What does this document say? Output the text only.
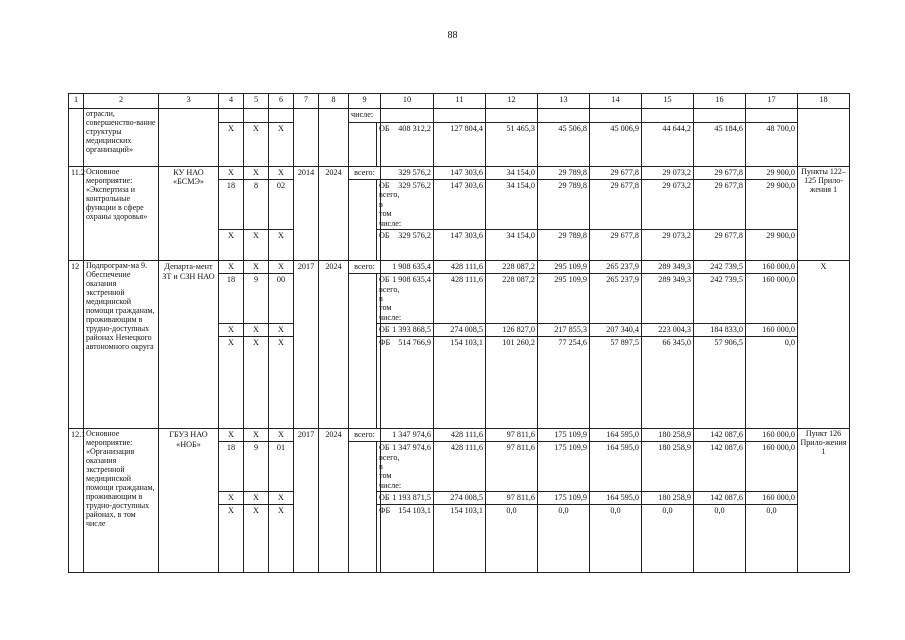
88
1	2	3	4	5	6	7	8	9		10	11	12	13	14	15	16	17	18
	отрасли, совершенство-вание структуры медицинских организаций»							числе:										
			Х	Х	Х				ОБ	408 312,2	127 804,4	51 465,3	45 506,8	45 006,9	44 644,2	45 184,6	48 700,0	
11.2	Основное мероприятие: «Экспертиза и контрольные функции в сфере охраны здоровья»	КУ НАО «БСМЭ»	Х	Х	Х	2014	2024	всего:		329 576,2	147 303,6	34 154,0	29 789,8	29 677,8	29 073,2	29 677,8	29 900,0	Пункты 122–125 Прило-жения 1
			18	8	02				ОБ всего, в том числе:	329 576,2	147 303,6	34 154,0	29 789,8	29 677,8	29 073,2	29 677,8	29 900,0	
			Х	Х	Х				ОБ	329 576,2	147 303,6	34 154,0	29 789,8	29 677,8	29 073,2	29 677,8	29 900,0	
12	Подпрограм-ма 9. Обеспечение оказания экстренной медицинской помощи гражданам, проживающим в трудно-доступных районах Ненецкого автономного округа	Департа-мент ЗТ и СЗН НАО	Х	Х	Х	2017	2024	всего:		1 908 635,4	428 111,6	228 087,2	295 109,9	265 237,9	289 349,3	242 739,5	160 000,0	Х
			18	9	00				ОБ всего, в том числе:	1 908 635,4	428 111,6	228 087,2	295 109,9	265 237,9	289 349,3	242 739,5	160 000,0	
			Х	Х	Х				ОБ	1 393 868,5	274 008,5	126 827,0	217 855,3	207 340,4	223 004,3	184 833,0	160 000,0	
			Х	Х	Х				ФБ	514 766,9	154 103,1	101 260,2	77 254,6	57 897,5	66 345,0	57 906,5	0,0	
12.1	Основное мероприятие: «Организация оказания экстренной медицинской помощи гражданам, проживающим в трудно-доступных районах, в том числе	ГБУЗ НАО «НОБ»	Х	Х	Х	2017	2024	всего:		1 347 974,6	428 111,6	97 811,6	175 109,9	164 595,0	180 258,9	142 087,6	160 000,0	Пункт 126 Прило-жения 1
			18	9	01				ОБ всего, в том числе:	1 347 974,6	428 111,6	97 811,6	175 109,9	164 595,0	180 258,9	142 087,6	160 000,0	
			Х	Х	Х				ОБ	1 193 871,5	274 008,5	97 811,6	175 109,9	164 595,0	180 258,9	142 087,6	160 000,0	
			Х	Х	Х				ФБ	154 103,1	154 103,1	0,0	0,0	0,0	0,0	0,0	0,0	
